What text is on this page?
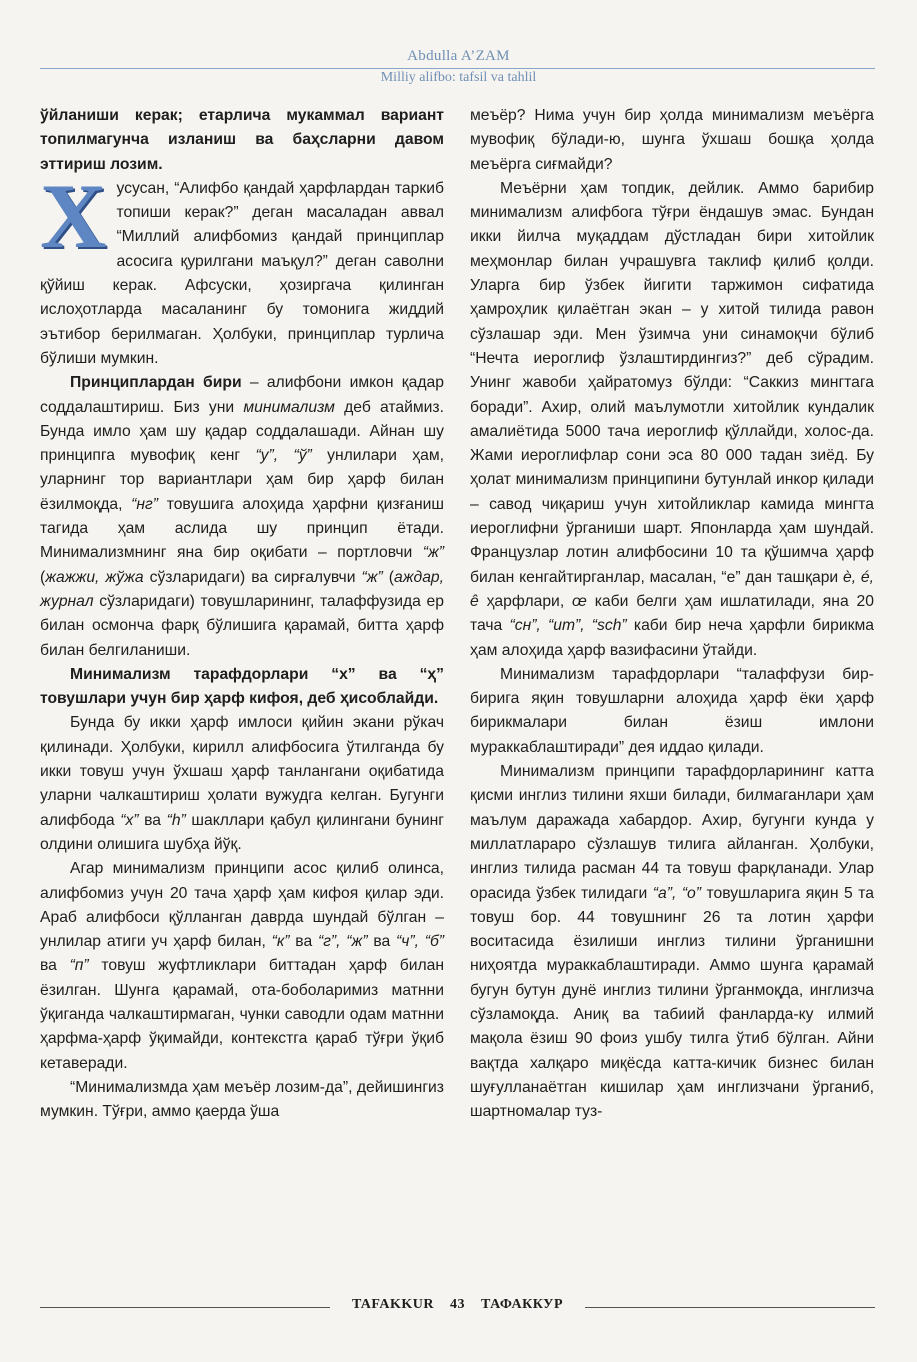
Abdulla A’ZAM
Milliy alifbo: tafsil va tahlil

ўйланиши керак; етарлича мукаммал вариант топилмагунча изланиш ва баҳсларни давом эттириш лозим.

Хусусан, “Алифбо қандай ҳарфлардан таркиб топиши керак?” деган масаладан аввал “Миллий алифбомиз қандай принциплар асосига қурилгани маъқул?” деган саволни қўйиш керак. Афсуски, ҳозиргача қилинган ислоҳотларда масаланинг бу томонига жиддий эътибор берилмаган. Ҳолбуки, принциплар турлича бўлиши мумкин.

Принциплардан бири – алифбони имкон қадар соддалаштириш. Биз уни минимализм деб атаймиз. Бунда имло ҳам шу қадар соддалашади. Айнан шу принципга мувофиқ кенг “у”, “ў” унлилари ҳам, уларнинг тор вариантлари ҳам бир ҳарф билан ёзилмоқда, “нг” товушига алоҳида ҳарфни қизғаниш тагида ҳам аслида шу принцип ётади. Минимализмнинг яна бир оқибати – портловчи “ж” (жажжи, жўжа сўзларидаги) ва сирғалувчи “ж” (аждар, журнал сўзларидаги) товушларининг, талаффузида ер билан осмонча фарқ бўлишига қарамай, битта ҳарф билан белгиланиши.

Минимализм тарафдорлари “х” ва “ҳ” товушлари учун бир ҳарф кифоя, деб ҳисоблайди.

Бунда бу икки ҳарф имлоси қийин экани рўкач қилинади. Ҳолбуки, кирилл алифбосига ўтилганда бу икки товуш учун ўхшаш ҳарф танлангани оқибатида уларни чалкаштириш ҳолати вужудга келган. Бугунги алифбода “х” ва “h” шакллари қабул қилингани бунинг олдини олишига шубҳа йўқ.

Агар минимализм принципи асос қилиб олинса, алифбомиз учун 20 тача ҳарф ҳам кифоя қилар эди. Араб алифбоси қўлланган даврда шундай бўлган – унлилар атиги уч ҳарф билан, “к” ва “г”, “ж” ва “ч”, “б” ва “п” товуш жуфтликлари биттадан ҳарф билан ёзилган. Шунга қарамай, ота-боболаримиз матнни ўқиганда чалкаштирмаган, чунки саводли одам матнни ҳарфма-ҳарф ўқимайди, контекстга қараб тўғри ўқиб кетаверади.

“Минимализмда ҳам меъёр лозим-да”, дейишингиз мумкин. Тўғри, аммо қаерда ўша

меъёр? Нима учун бир ҳолда минимализм меъёрга мувофиқ бўлади-ю, шунга ўхшаш бошқа ҳолда меъёрга сиғмайди?

Меъёрни ҳам топдик, дейлик. Аммо барибир минимализм алифбога тўғри ёндашув эмас. Бундан икки йилча муқаддам дўстладан бири хитойлик меҳмонлар билан учрашувга таклиф қилиб қолди. Уларга бир ўзбек йигити таржимон сифатида ҳамроҳлик қилаётган экан – у хитой тилида равон сўзлашар эди. Мен ўзимча уни синамоқчи бўлиб “Нечта иероглиф ўзлаштирдингиз?” деб сўрадим. Унинг жавоби ҳайратомуз бўлди: “Саккиз мингтага боради”. Ахир, олий маълумотли хитойлик кундалик амалиётида 5000 тача иероглиф қўллайди, холос-да. Жами иероглифлар сони эса 80 000 тадан зиёд. Бу ҳолат минимализм принципини бутунлай инкор қилади – савод чиқариш учун хитойликлар камида мингта иероглифни ўрганиши шарт. Японларда ҳам шундай. Французлар лотин алифбосини 10 та қўшимча ҳарф билан кенгайтирганлар, масалан, “е” дан ташқари è, é, ê ҳарфлари, œ каби белги ҳам ишлатилади, яна 20 тача “сн”, “ит”, “sch” каби бир неча ҳарфли бирикма ҳам алоҳида ҳарф вазифасини ўтайди.

Минимализм тарафдорлари “талаффузи бир-бирига яқин товушларни алоҳида ҳарф ёки ҳарф бирикмалари билан ёзиш имлони мураккаблаштиради” дея иддао қилади.

Минимализм принципи тарафдорларининг катта қисми инглиз тилини яхши билади, билмаганлари ҳам маълум даражада хабардор. Ахир, бугунги кунда у миллатлараро сўзлашув тилига айланган. Ҳолбуки, инглиз тилида расман 44 та товуш фарқланади. Улар орасида ўзбек тилидаги “а”, “о” товушларига яқин 5 та товуш бор. 44 товушнинг 26 та лотин ҳарфи воситасида ёзилиши инглиз тилини ўрганишни ниҳоятда мураккаблаштиради. Аммо шунга қарамай бугун бутун дунё инглиз тилини ўрганмоқда, инглизча сўзламоқда. Аниқ ва табиий фанларда-ку илмий мақола ёзиш 90 фоиз ушбу тилга ўтиб бўлган. Айни вақтда халқаро миқёсда катта-кичик бизнес билан шуғулланаётган кишилар ҳам инглизчани ўрганиб, шартномалар туз-

TAFAKKUR 43 ТАФАККУР
